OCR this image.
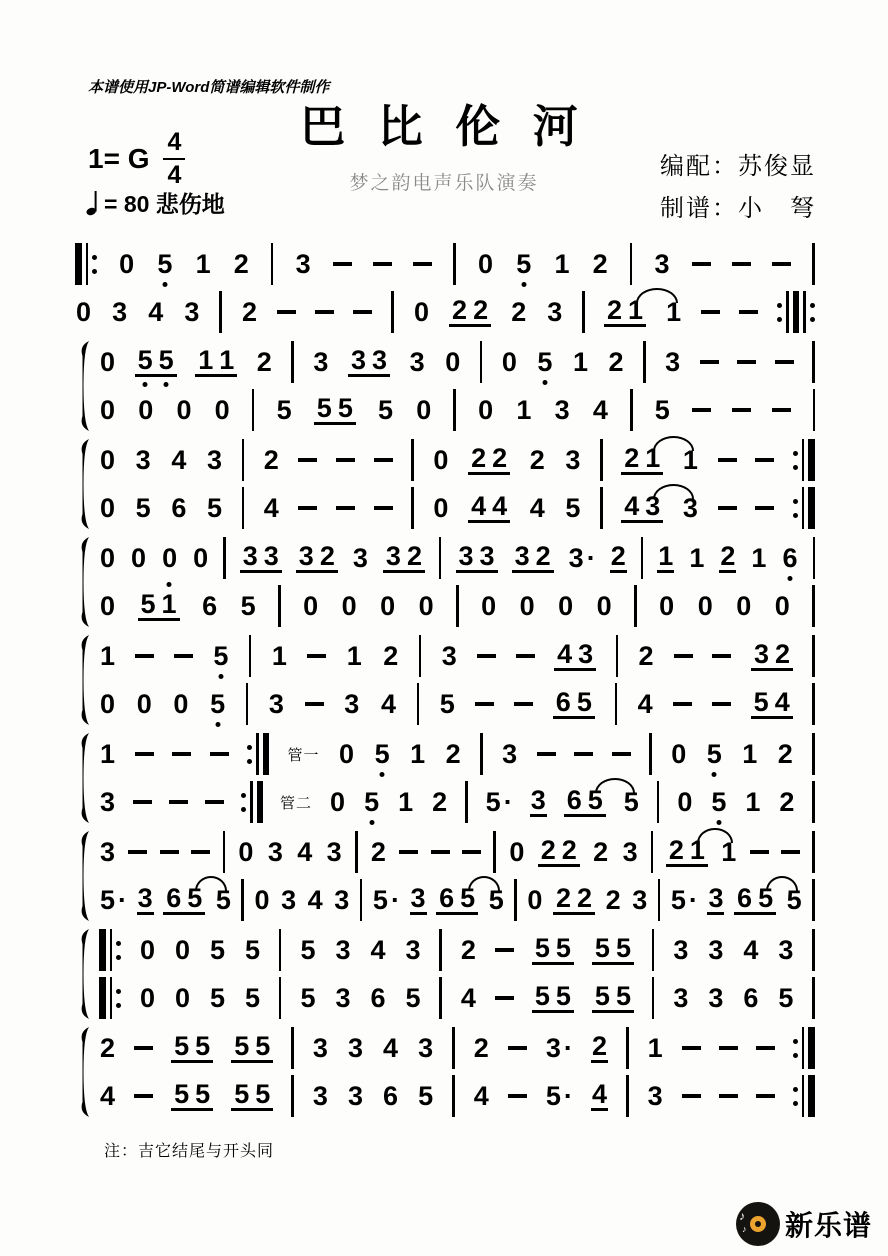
本谱使用JP-Word简谱编辑软件制作
巴 比 伦 河
梦之韵电声乐队演奏
编配：苏俊显
制谱：小　弩
1= G $\frac{4}{4}$
= 80 悲伤地
0 5 1 2 3	0 5 1 2 3
0 3 4 3 2	0 2 2 2 3 2 1 1
0 5 5 1 1 2 3 3 3 3 0 0 5 1 2 3
0 0 0 0 5 5 5 5 0 0 1 3 4 5
0 3 4 3 2	0 2 2 2 3 2 1 1
0 5 6 5 4	0 4 4 4 5 4 3 3
0 0 0 0 3 3 3 2 3 3 2 3 3 3 2 3 · 2 1 1 2 1 6
0 5 1 6 5 0 0 0 0 0 0 0 0 0 0 0 0
1	5 1 1 2 3	4 3 2	3 2
0 0 0 5 3 3 4 5	6 5 4	5 4
1	管一 0 5 1 2 3	0 5 1 2
3	管二 0 5 1 2 5 · 3 6 5 5 0 5 1 2
3	0 3 4 3 2	0 2 2 2 3 2 1 1
5 · 3 6 5 5 0 3 4 3 5 · 3 6 5 5 0 2 2 2 3 5 · 3 6 5 5
0 0 5 5 5 3 4 3 2 5 5 5 5 3 3 4 3
0 0 5 5 5 3 6 5 4 5 5 5 5 3 3 6 5
2 5 5 5 5 3 3 4 3 2 3 · 2 1
4 5 5 5 5 3 3 6 5 4 5 · 4 3
注：吉它结尾与开头同
♪
♪ 新乐谱
